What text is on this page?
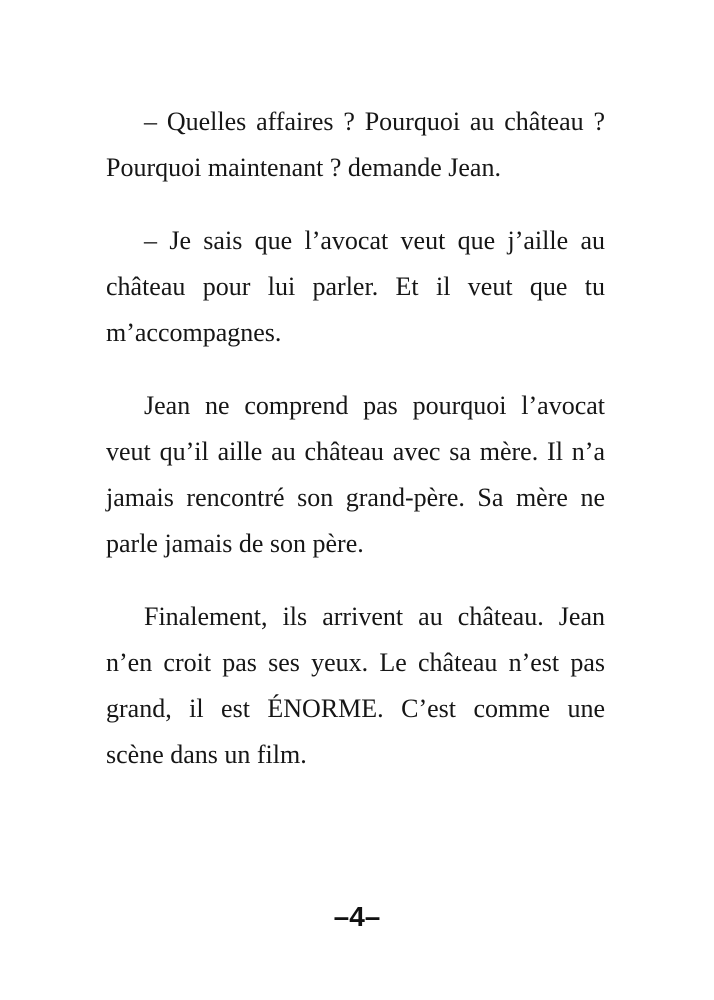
– Quelles affaires ? Pourquoi au château ?
Pourquoi maintenant ? demande Jean.

– Je sais que l’avocat veut que j’aille au
château pour lui parler. Et il veut que tu
m’accompagnes.

Jean ne comprend pas pourquoi l’avocat
veut qu’il aille au château avec sa mère. Il n’a
jamais rencontré son grand-père. Sa mère ne
parle jamais de son père.

Finalement, ils arrivent au château. Jean
n’en croit pas ses yeux. Le château n’est pas
grand, il est ÉNORME. C’est comme une
scène dans un film.

–4–
